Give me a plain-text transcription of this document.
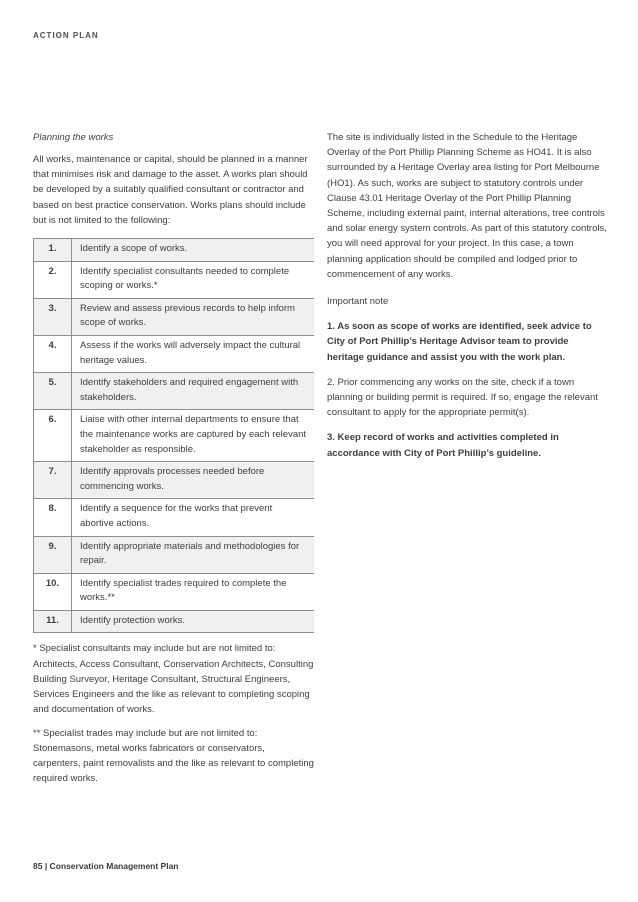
ACTION PLAN
Planning the works
All works, maintenance or capital, should be planned in a manner that minimises risk and damage to the asset. A works plan should be developed by a suitably qualified consultant or contractor and based on best practice conservation. Works plans should include but is not limited to the following:
1.	Identify a scope of works.
2.	Identify specialist consultants needed to complete scoping or works.*
3.	Review and assess previous records to help inform scope of works.
4.	Assess if the works will adversely impact the cultural heritage values.
5.	Identify stakeholders and required engagement with stakeholders.
6.	Liaise with other internal departments to ensure that the maintenance works are captured by each relevant stakeholder as responsible.
7.	Identify approvals processes needed before commencing works.
8.	Identify a sequence for the works that prevent abortive actions.
9.	Identify appropriate materials and methodologies for repair.
10.	Identify specialist trades required to complete the works.**
11.	Identify protection works.
* Specialist consultants may include but are not limited to: Architects, Access Consultant, Conservation Architects, Consulting Building Surveyor, Heritage Consultant, Structural Engineers, Services Engineers and the like as relevant to completing scoping and documentation of works.
** Specialist trades may include but are not limited to: Stonemasons, metal works fabricators or conservators, carpenters, paint removalists and the like as relevant to completing required works.
The site is individually listed in the Schedule to the Heritage Overlay of the Port Phillip Planning Scheme as HO41. It is also surrounded by a Heritage Overlay area listing for Port Melbourne (HO1). As such, works are subject to statutory controls under Clause 43.01 Heritage Overlay of the Port Phillip Planning Scheme, including external paint, internal alterations, tree controls and solar energy system controls. As part of this statutory controls, you will need approval for your project. In this case, a town planning application should be compiled and lodged prior to commencement of any works.
Important note
1. As soon as scope of works are identified, seek advice to City of Port Phillip’s Heritage Advisor team to provide heritage guidance and assist you with the work plan.
2. Prior commencing any works on the site, check if a town planning or building permit is required. If so, engage the relevant consultant to apply for the appropriate permit(s).
3. Keep record of works and activities completed in accordance with City of Port Phillip’s guideline.
85 | Conservation Management Plan
